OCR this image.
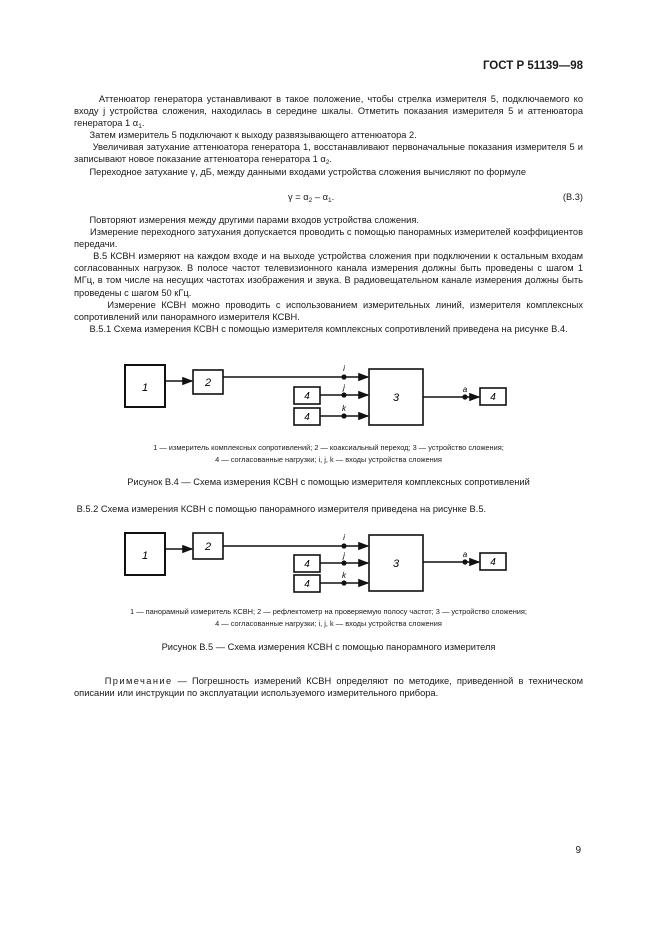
ГОСТ Р 51139—98

Аттенюатор генератора устанавливают в такое положение, чтобы стрелка измерителя 5, подключаемого ко входу j устройства сложения, находилась в середине шкалы. Отметить показания измерителя 5 и аттенюатора генератора 1 $\alpha_1$.

Затем измеритель 5 подключают к выходу развязывающего аттенюатора 2.

Увеличивая затухание аттенюатора генератора 1, восстанавливают первоначальные показания измерителя 5 и записывают новое показание аттенюатора генератора 1 $\alpha_2$.

Переходное затухание γ, дБ, между данными входами устройства сложения вычисляют по формуле

$\gamma = \alpha_2 - \alpha_1$.	(В.3)

Повторяют измерения между другими парами входов устройства сложения.

Измерение переходного затухания допускается проводить с помощью панорамных измерителей коэффициентов передачи.

В.5 КСВН измеряют на каждом входе и на выходе устройства сложения при подключении к остальным входам согласованных нагрузок. В полосе частот телевизионного канала измерения должны быть проведены с шагом 1 МГц, в том числе на несущих частотах изображения и звука. В радиовещательном канале измерения должны быть проведены с шагом 50 кГц.

Измерение КСВН можно проводить с использованием измерительных линий, измерителя комплексных сопротивлений или панорамного измерителя КСВН.

В.5.1 Схема измерения КСВН с помощью измерителя комплексных сопротивлений приведена на рисунке В.4.

1	2
i
4
j
4
k
3
a
4
1 — измеритель комплексных сопротивлений; 2 — коаксиальный переход; 3 — устройство сложения;
4 — согласованные нагрузки; i, j, k — входы устройства сложения
Рисунок В.4 — Схема измерения КСВН с помощью измерителя комплексных сопротивлений
В.5.2 Схема измерения КСВН с помощью панорамного измерителя приведена на рисунке В.5.
1
2
i
4
j
4
k
3
a
4
1 — панорамный измеритель КСВН; 2 — рефлектометр на проверяемую полосу частот; 3 — устройство сложения;
4 — согласованные нагрузки; i, j, k — входы устройства сложения
Рисунок В.5 — Схема измерения КСВН с помощью панорамного измерителя

Примечание — Погрешность измерений КСВН определяют по методике, приведенной в техническом описании или инструкции по эксплуатации используемого измерительного прибора.

9
